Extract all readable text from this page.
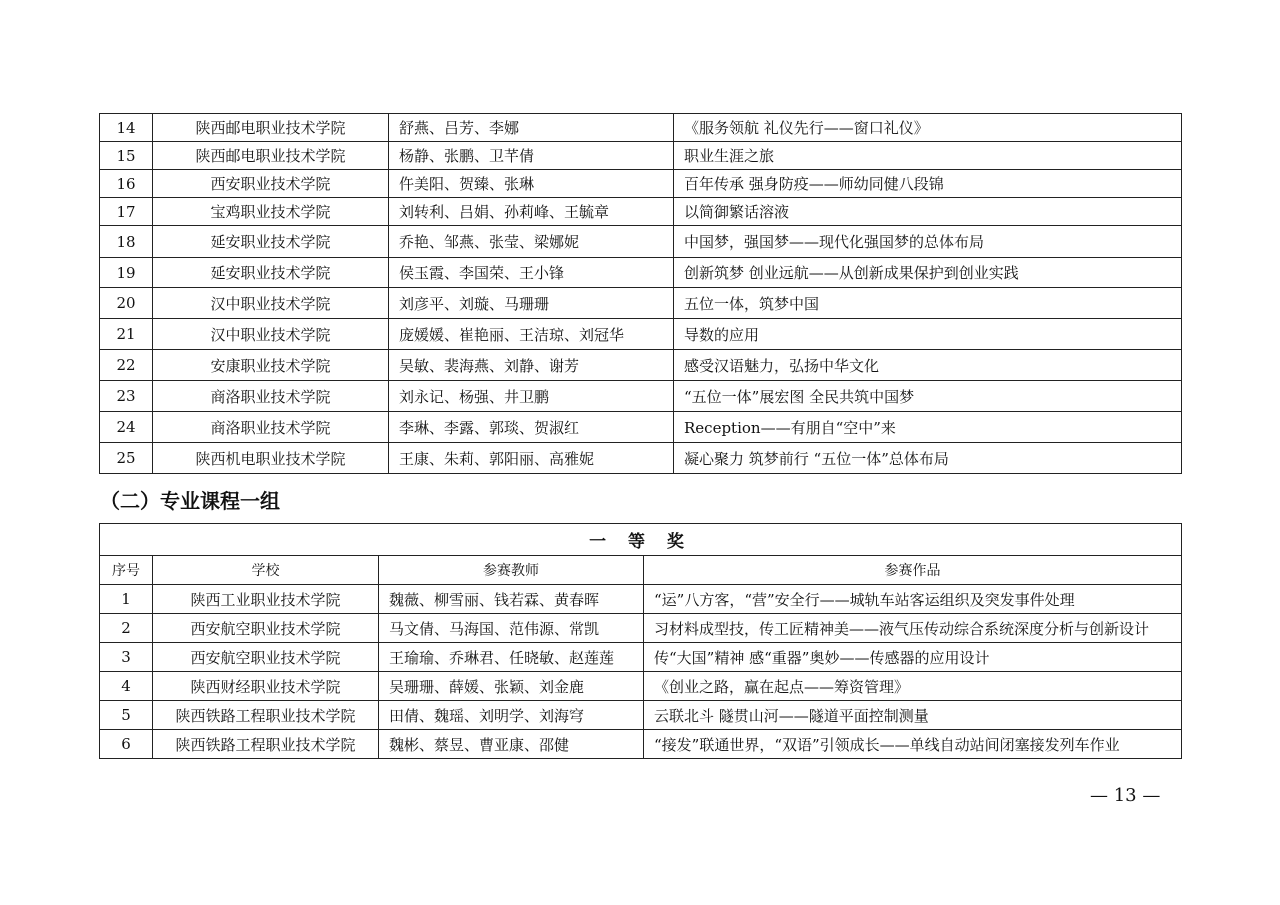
14	陕西邮电职业技术学院	舒燕、吕芳、李娜	《服务领航 礼仪先行——窗口礼仪》
15	陕西邮电职业技术学院	杨静、张鹏、卫芊倩	职业生涯之旅
16	西安职业技术学院	仵美阳、贺臻、张琳	百年传承 强身防疫——师幼同健八段锦
17	宝鸡职业技术学院	刘转利、吕娟、孙莉峰、王毓章	以简御繁话溶液
18	延安职业技术学院	乔艳、邹燕、张莹、梁娜妮	中国梦，强国梦——现代化强国梦的总体布局
19	延安职业技术学院	侯玉霞、李国荣、王小锋	创新筑梦 创业远航——从创新成果保护到创业实践
20	汉中职业技术学院	刘彦平、刘璇、马珊珊	五位一体，筑梦中国
21	汉中职业技术学院	庞媛媛、崔艳丽、王洁琼、刘冠华	导数的应用
22	安康职业技术学院	吴敏、裴海燕、刘静、谢芳	感受汉语魅力，弘扬中华文化
23	商洛职业技术学院	刘永记、杨强、井卫鹏	“五位一体”展宏图 全民共筑中国梦
24	商洛职业技术学院	李琳、李露、郭琰、贺淑红	Reception——有朋自“空中”来
25	陕西机电职业技术学院	王康、朱莉、郭阳丽、高雅妮	凝心聚力 筑梦前行 “五位一体”总体布局
（二）专业课程一组
一 等 奖			
序号	学校	参赛教师	参赛作品
1	陕西工业职业技术学院	魏薇、柳雪丽、钱若霖、黄春晖	“运”八方客，“营”安全行——城轨车站客运组织及突发事件处理
2	西安航空职业技术学院	马文倩、马海国、范伟源、常凯	习材料成型技，传工匠精神美——液气压传动综合系统深度分析与创新设计
3	西安航空职业技术学院	王瑜瑜、乔琳君、任晓敏、赵莲莲	传“大国”精神 感“重器”奥妙——传感器的应用设计
4	陕西财经职业技术学院	吴珊珊、薛媛、张颖、刘金鹿	《创业之路，赢在起点——筹资管理》
5	陕西铁路工程职业技术学院	田倩、魏瑶、刘明学、刘海穹	云联北斗 隧贯山河——隧道平面控制测量
6	陕西铁路工程职业技术学院	魏彬、蔡昱、曹亚康、邵健	“接发”联通世界，“双语”引领成长——单线自动站间闭塞接发列车作业
— 13 —
